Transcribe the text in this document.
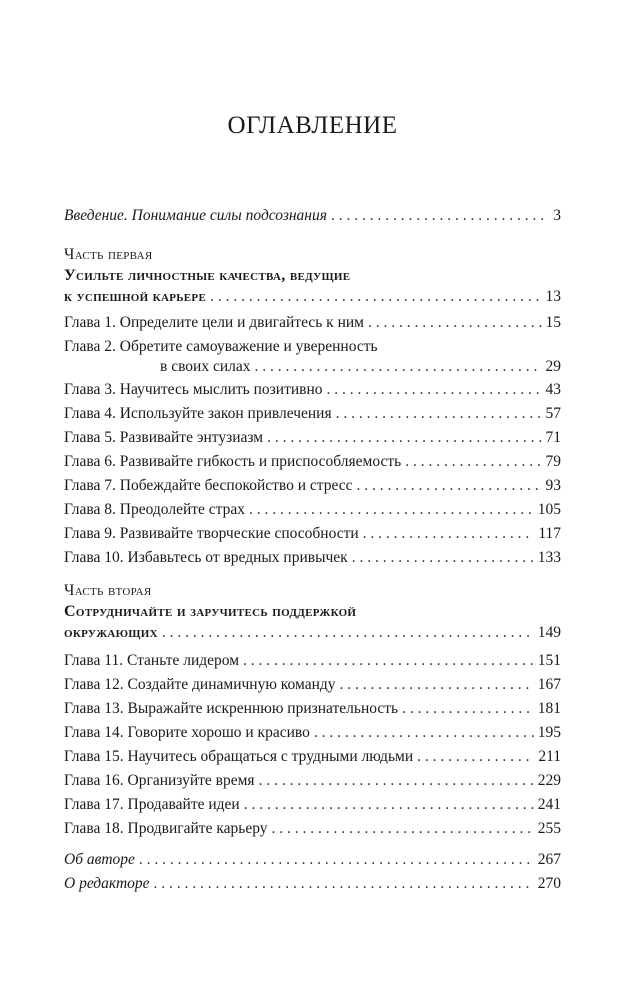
ОГЛАВЛЕНИЕ
Введение. Понимание силы подсознания . . .	3
Часть первая
Усильте личностные качества, ведущие
к успешной карьере . . .	13
Глава 1. Определите цели и двигайтесь к ним . . .	15
Глава 2. Обретите самоуважение и уверенность
в своих силах . . .	29
Глава 3. Научитесь мыслить позитивно . . .	43
Глава 4. Используйте закон привлечения . . .	57
Глава 5. Развивайте энтузиазм . . .	71
Глава 6. Развивайте гибкость и приспособляемость . . .	79
Глава 7. Побеждайте беспокойство и стресс . . .	93
Глава 8. Преодолейте страх . . .	105
Глава 9. Развивайте творческие способности . . .	117
Глава 10. Избавьтесь от вредных привычек . . .	133
Часть вторая
Сотрудничайте и заручитесь поддержкой
окружающих . . .	149
Глава 11. Станьте лидером . . .	151
Глава 12. Создайте динамичную команду . . .	167
Глава 13. Выражайте искреннюю признательность . . .	181
Глава 14. Говорите хорошо и красиво . . .	195
Глава 15. Научитесь обращаться с трудными людьми . . .	211
Глава 16. Организуйте время . . .	229
Глава 17. Продавайте идеи . . .	241
Глава 18. Продвигайте карьеру . . .	255
Об авторе . . .	267
О редакторе . . .	270
